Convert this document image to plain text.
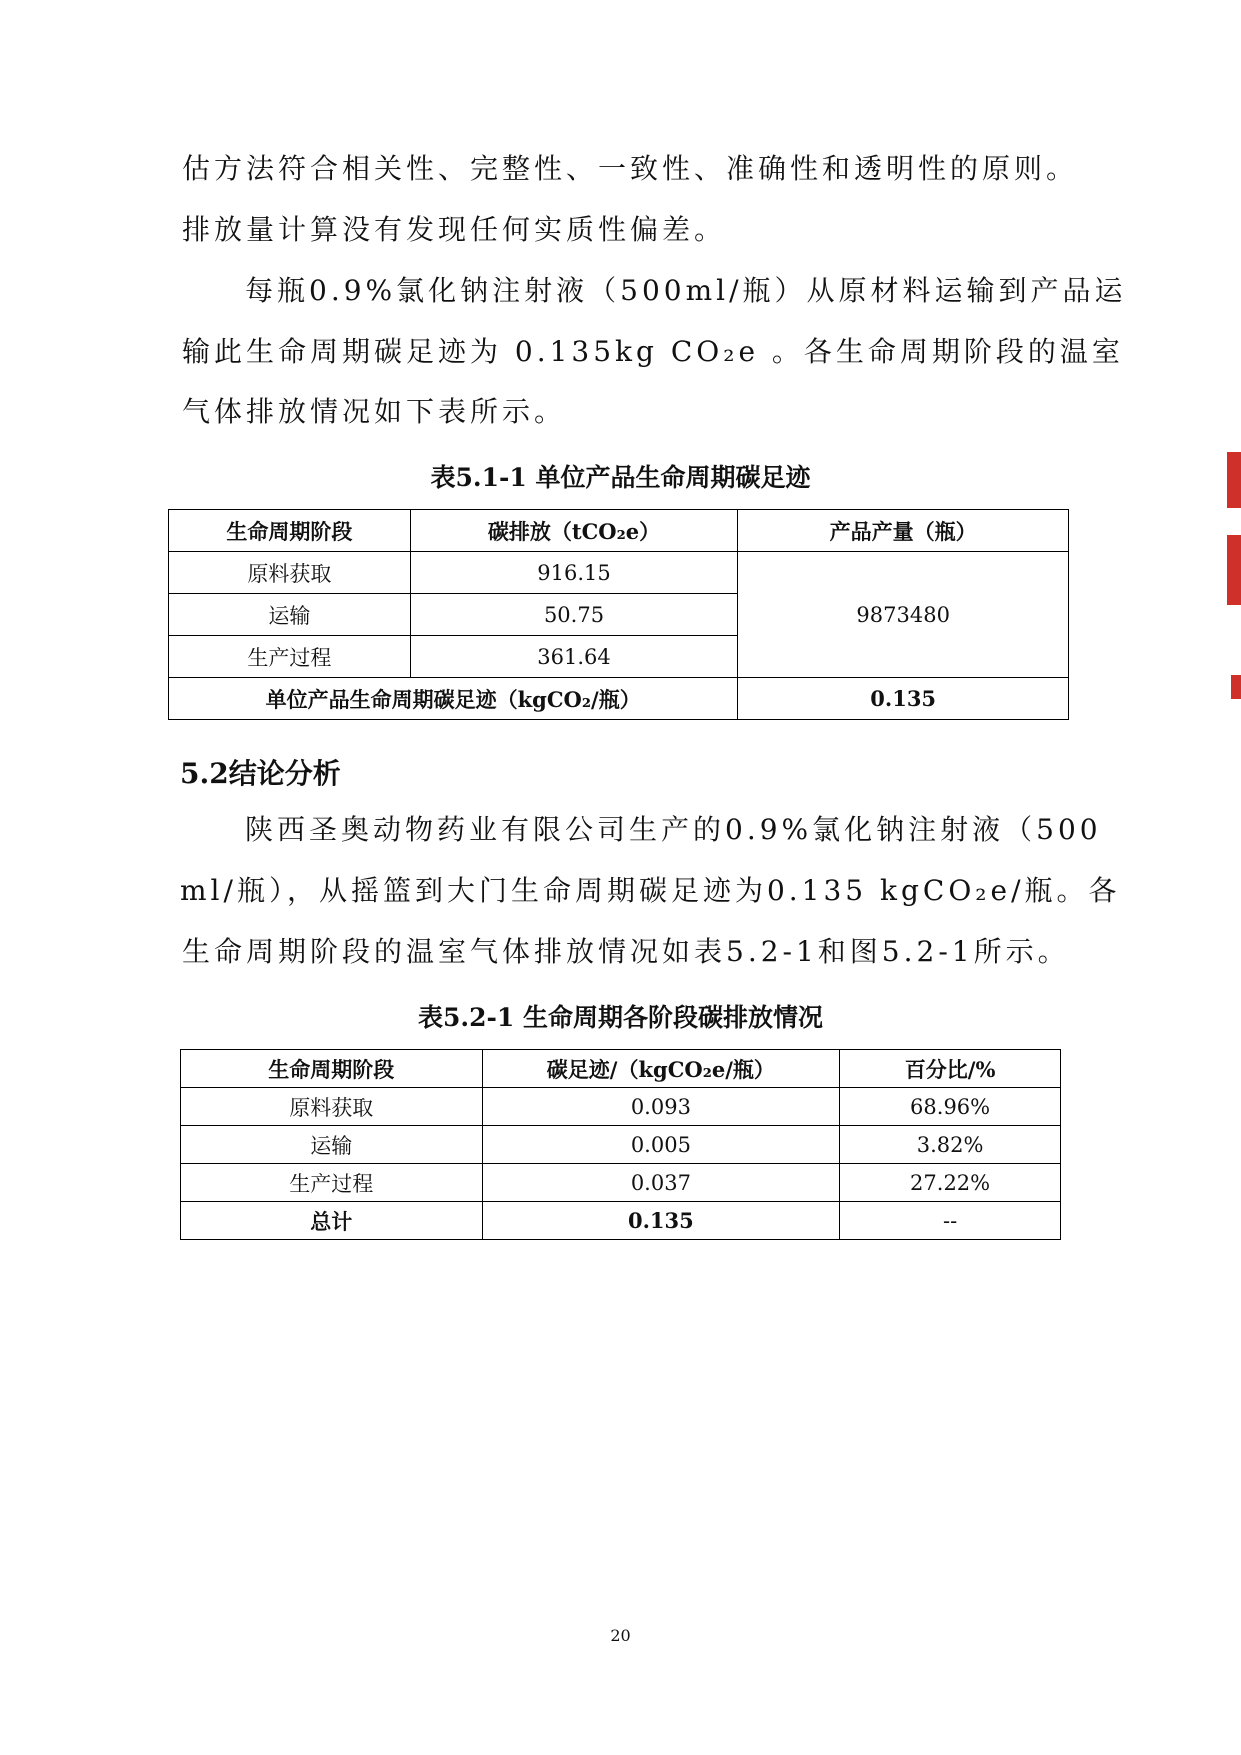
估方法符合相关性、完整性、一致性、准确性和透明性的原则。
排放量计算没有发现任何实质性偏差。
每瓶0.9%氯化钠注射液（500ml/瓶）从原材料运输到产品运
输此生命周期碳足迹为 0.135kg CO₂e 。各生命周期阶段的温室
气体排放情况如下表所示。
表5.1-1 单位产品生命周期碳足迹
生命周期阶段	碳排放（tCO₂e）	产品产量（瓶）
原料获取	916.15	9873480
运输	50.75	
生产过程	361.64	
单位产品生命周期碳足迹（kgCO₂/瓶）		0.135
5.2结论分析
陕西圣奥动物药业有限公司生产的0.9%氯化钠注射液（500
ml/瓶），从摇篮到大门生命周期碳足迹为0.135 kgCO₂e/瓶。各
生命周期阶段的温室气体排放情况如表5.2-1和图5.2-1所示。
表5.2-1 生命周期各阶段碳排放情况
生命周期阶段	碳足迹/（kgCO₂e/瓶）	百分比/%
原料获取	0.093	68.96%
运输	0.005	3.82%
生产过程	0.037	27.22%
总计	0.135	--
20
